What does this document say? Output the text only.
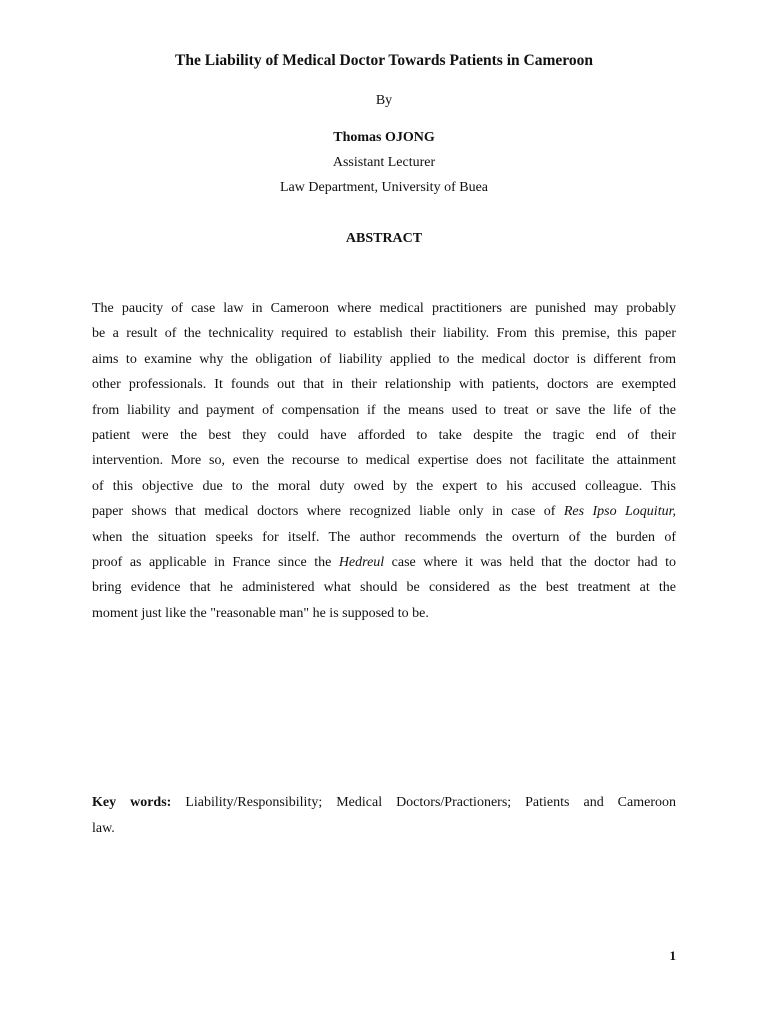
The Liability of Medical Doctor Towards Patients in Cameroon
By
Thomas OJONG
Assistant Lecturer
Law Department, University of Buea
ABSTRACT
The paucity of case law in Cameroon where medical practitioners are punished may probably
be a result of the technicality required to establish their liability. From this premise, this paper
aims to examine why the obligation of liability applied to the medical doctor is different from
other professionals. It founds out that in their relationship with patients, doctors are exempted
from liability and payment of compensation if the means used to treat or save the life of the
patient were the best they could have afforded to take despite the tragic end of their
intervention. More so, even the recourse to medical expertise does not facilitate the attainment
of this objective due to the moral duty owed by the expert to his accused colleague. This
paper shows that medical doctors where recognized liable only in case of Res Ipso Loquitur,
when the situation speeks for itself. The author recommends the overturn of the burden of
proof as applicable in France since the Hedreul case where it was held that the doctor had to
bring evidence that he administered what should be considered as the best treatment at the
moment just like the "reasonable man" he is supposed to be.
Key words: Liability/Responsibility; Medical Doctors/Practioners; Patients and Cameroon
law.
1
